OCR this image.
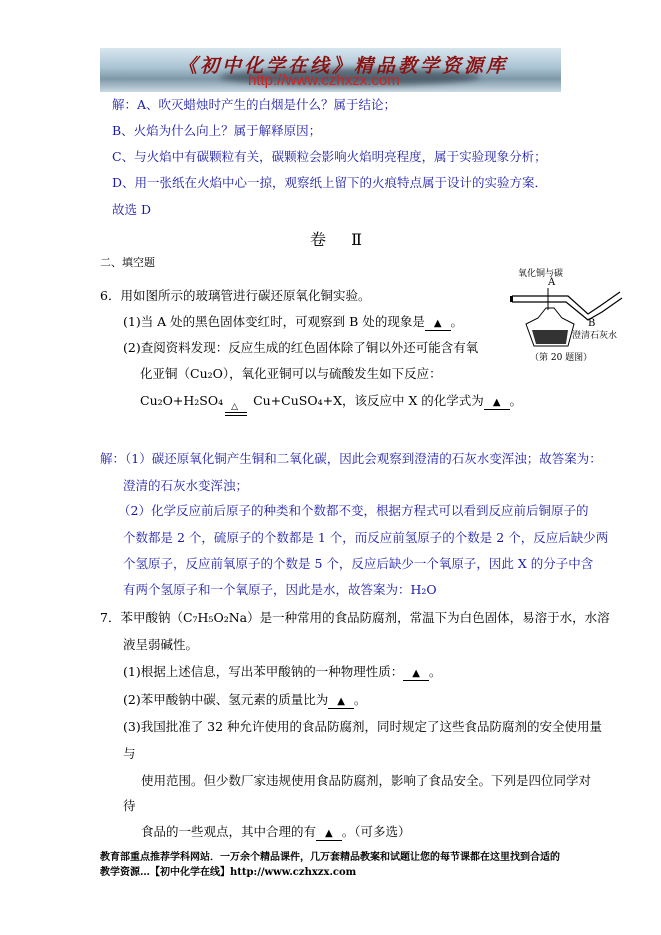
《初中化学在线》精品教学资源库
http://www.czhxzx.com
解：A、吹灭蜡烛时产生的白烟是什么？属于结论；
B、火焰为什么向上？属于解释原因；
C、与火焰中有碳颗粒有关，碳颗粒会影响火焰明亮程度，属于实验现象分析；
D、用一张纸在火焰中心一掠，观察纸上留下的火痕特点属于设计的实验方案．
故选 D
卷 Ⅱ
二、填空题
6．用如图所示的玻璃管进行碳还原氧化铜实验。
(1)当 A 处的黑色固体变红时，可观察到 B 处的现象是 ▲ 。
(2)查阅资料发现：反应生成的红色固体除了铜以外还可能含有氧
化亚铜（Cu₂O），氧化亚铜可以与硫酸发生如下反应：
Cu₂O+H₂SO₄ △ Cu+CuSO₄+X，该反应中 X 的化学式为 ▲ 。
氧化铜与碳
A
B
澄清石灰水
（第 20 题图）
解：（1）碳还原氧化铜产生铜和二氧化碳，因此会观察到澄清的石灰水变浑浊；故答案为：
澄清的石灰水变浑浊；
（2）化学反应前后原子的种类和个数都不变，根据方程式可以看到反应前后铜原子的
个数都是 2 个，硫原子的个数都是 1 个，而反应前氢原子的个数是 2 个，反应后缺少两
个氢原子，反应前氧原子的个数是 5 个，反应后缺少一个氧原子，因此 X 的分子中含
有两个氢原子和一个氧原子，因此是水，故答案为：H₂O
7．苯甲酸钠（C₇H₅O₂Na）是一种常用的食品防腐剂，常温下为白色固体，易溶于水，水溶
液呈弱碱性。
(1)根据上述信息，写出苯甲酸钠的一种物理性质： ▲ 。
(2)苯甲酸钠中碳、氢元素的质量比为 ▲ 。
(3)我国批准了 32 种允许使用的食品防腐剂，同时规定了这些食品防腐剂的安全使用量
与
使用范围。但少数厂家违规使用食品防腐剂，影响了食品安全。下列是四位同学对
待
食品的一些观点，其中合理的有 ▲ 。（可多选）
教育部重点推荐学科网站．一万余个精品课件，几万套精品教案和试题让您的每节课都在这里找到合适的
教学资源…【初中化学在线】http://www.czhxzx.com
